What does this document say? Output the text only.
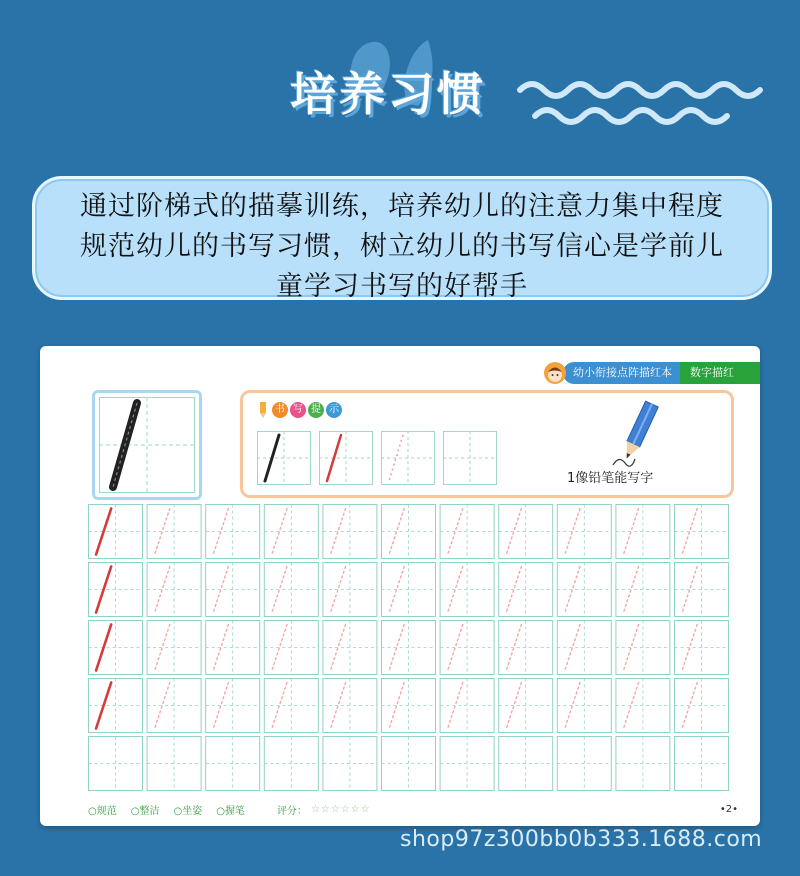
培养习惯
通过阶梯式的描摹训练，培养幼儿的注意力集中程度
规范幼儿的书写习惯，树立幼儿的书写信心是学前儿
童学习书写的好帮手
幼小衔接点阵描红本	数字描红
书 写 提 示
1像铅笔能写字
○规范 ○整洁 ○坐姿 ○握笔	评分： ☆☆☆☆☆☆	•2•
shop97z300bb0b333.1688.com
